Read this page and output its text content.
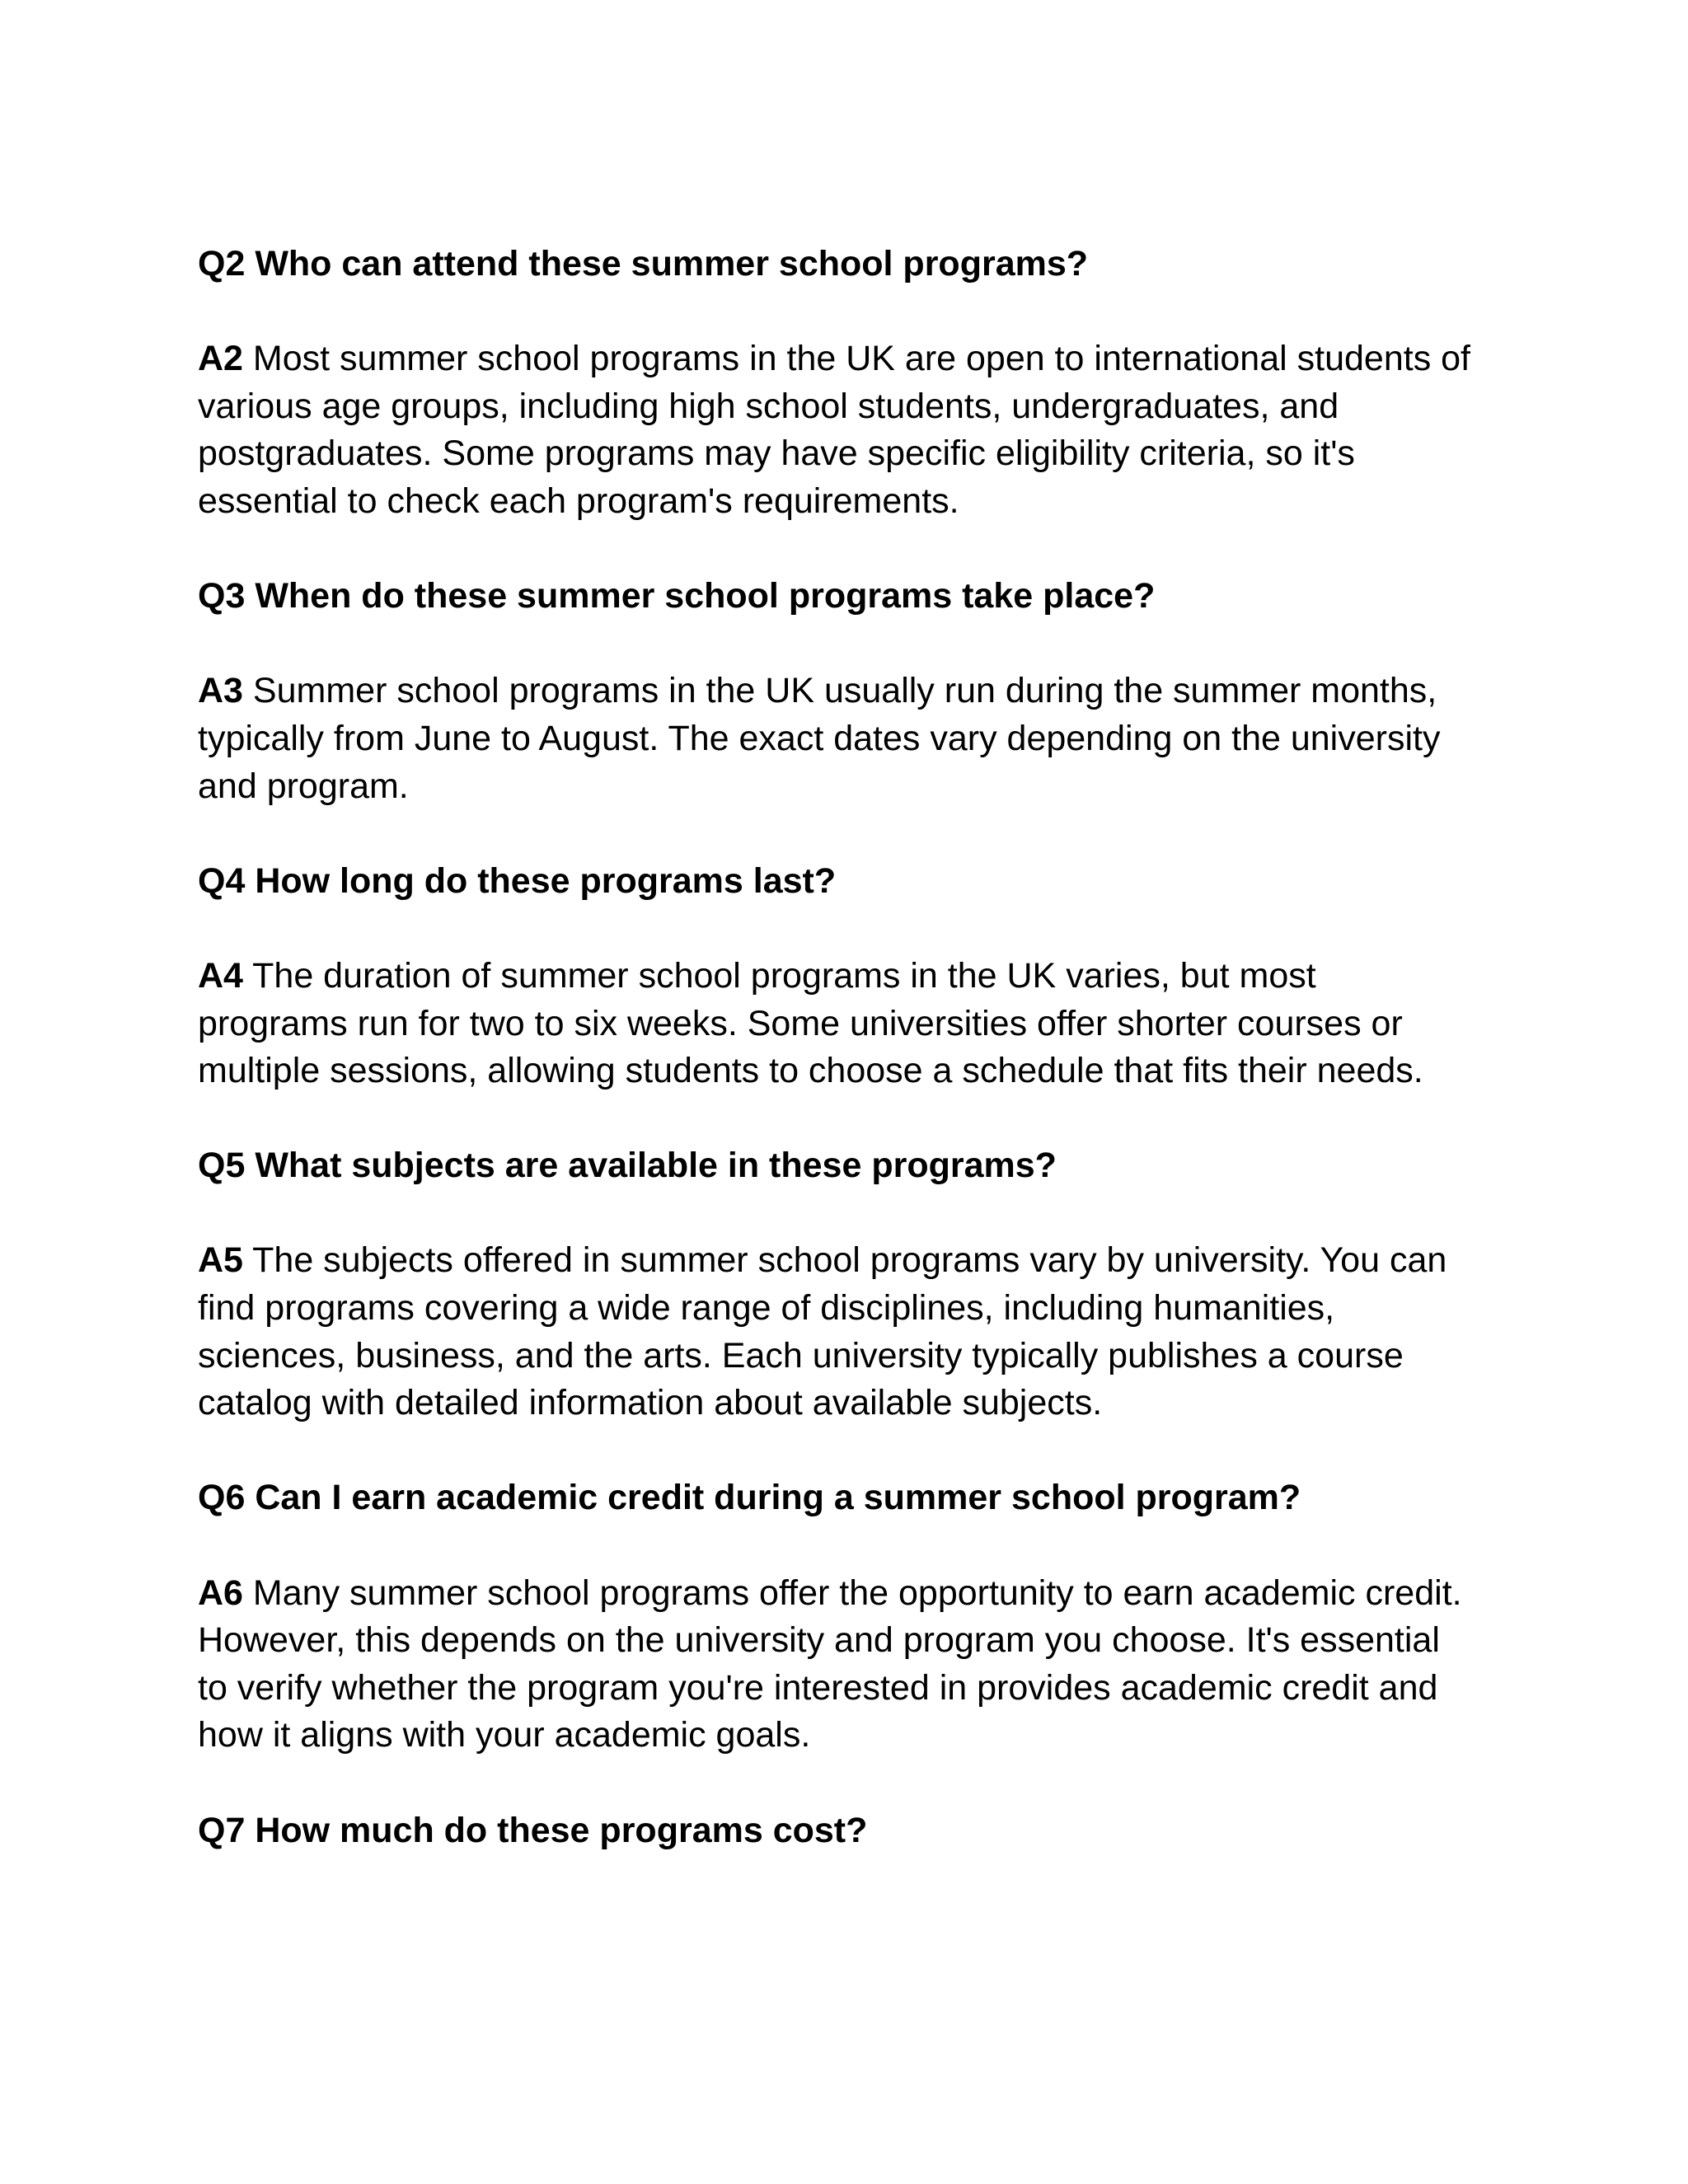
Q2 Who can attend these summer school programs?

A2 Most summer school programs in the UK are open to international students of
various age groups, including high school students, undergraduates, and
postgraduates. Some programs may have specific eligibility criteria, so it's
essential to check each program's requirements.

Q3 When do these summer school programs take place?

A3 Summer school programs in the UK usually run during the summer months,
typically from June to August. The exact dates vary depending on the university
and program.

Q4 How long do these programs last?

A4 The duration of summer school programs in the UK varies, but most
programs run for two to six weeks. Some universities offer shorter courses or
multiple sessions, allowing students to choose a schedule that fits their needs.

Q5 What subjects are available in these programs?

A5 The subjects offered in summer school programs vary by university. You can
find programs covering a wide range of disciplines, including humanities,
sciences, business, and the arts. Each university typically publishes a course
catalog with detailed information about available subjects.

Q6 Can I earn academic credit during a summer school program?

A6 Many summer school programs offer the opportunity to earn academic credit.
However, this depends on the university and program you choose. It's essential
to verify whether the program you're interested in provides academic credit and
how it aligns with your academic goals.

Q7 How much do these programs cost?
